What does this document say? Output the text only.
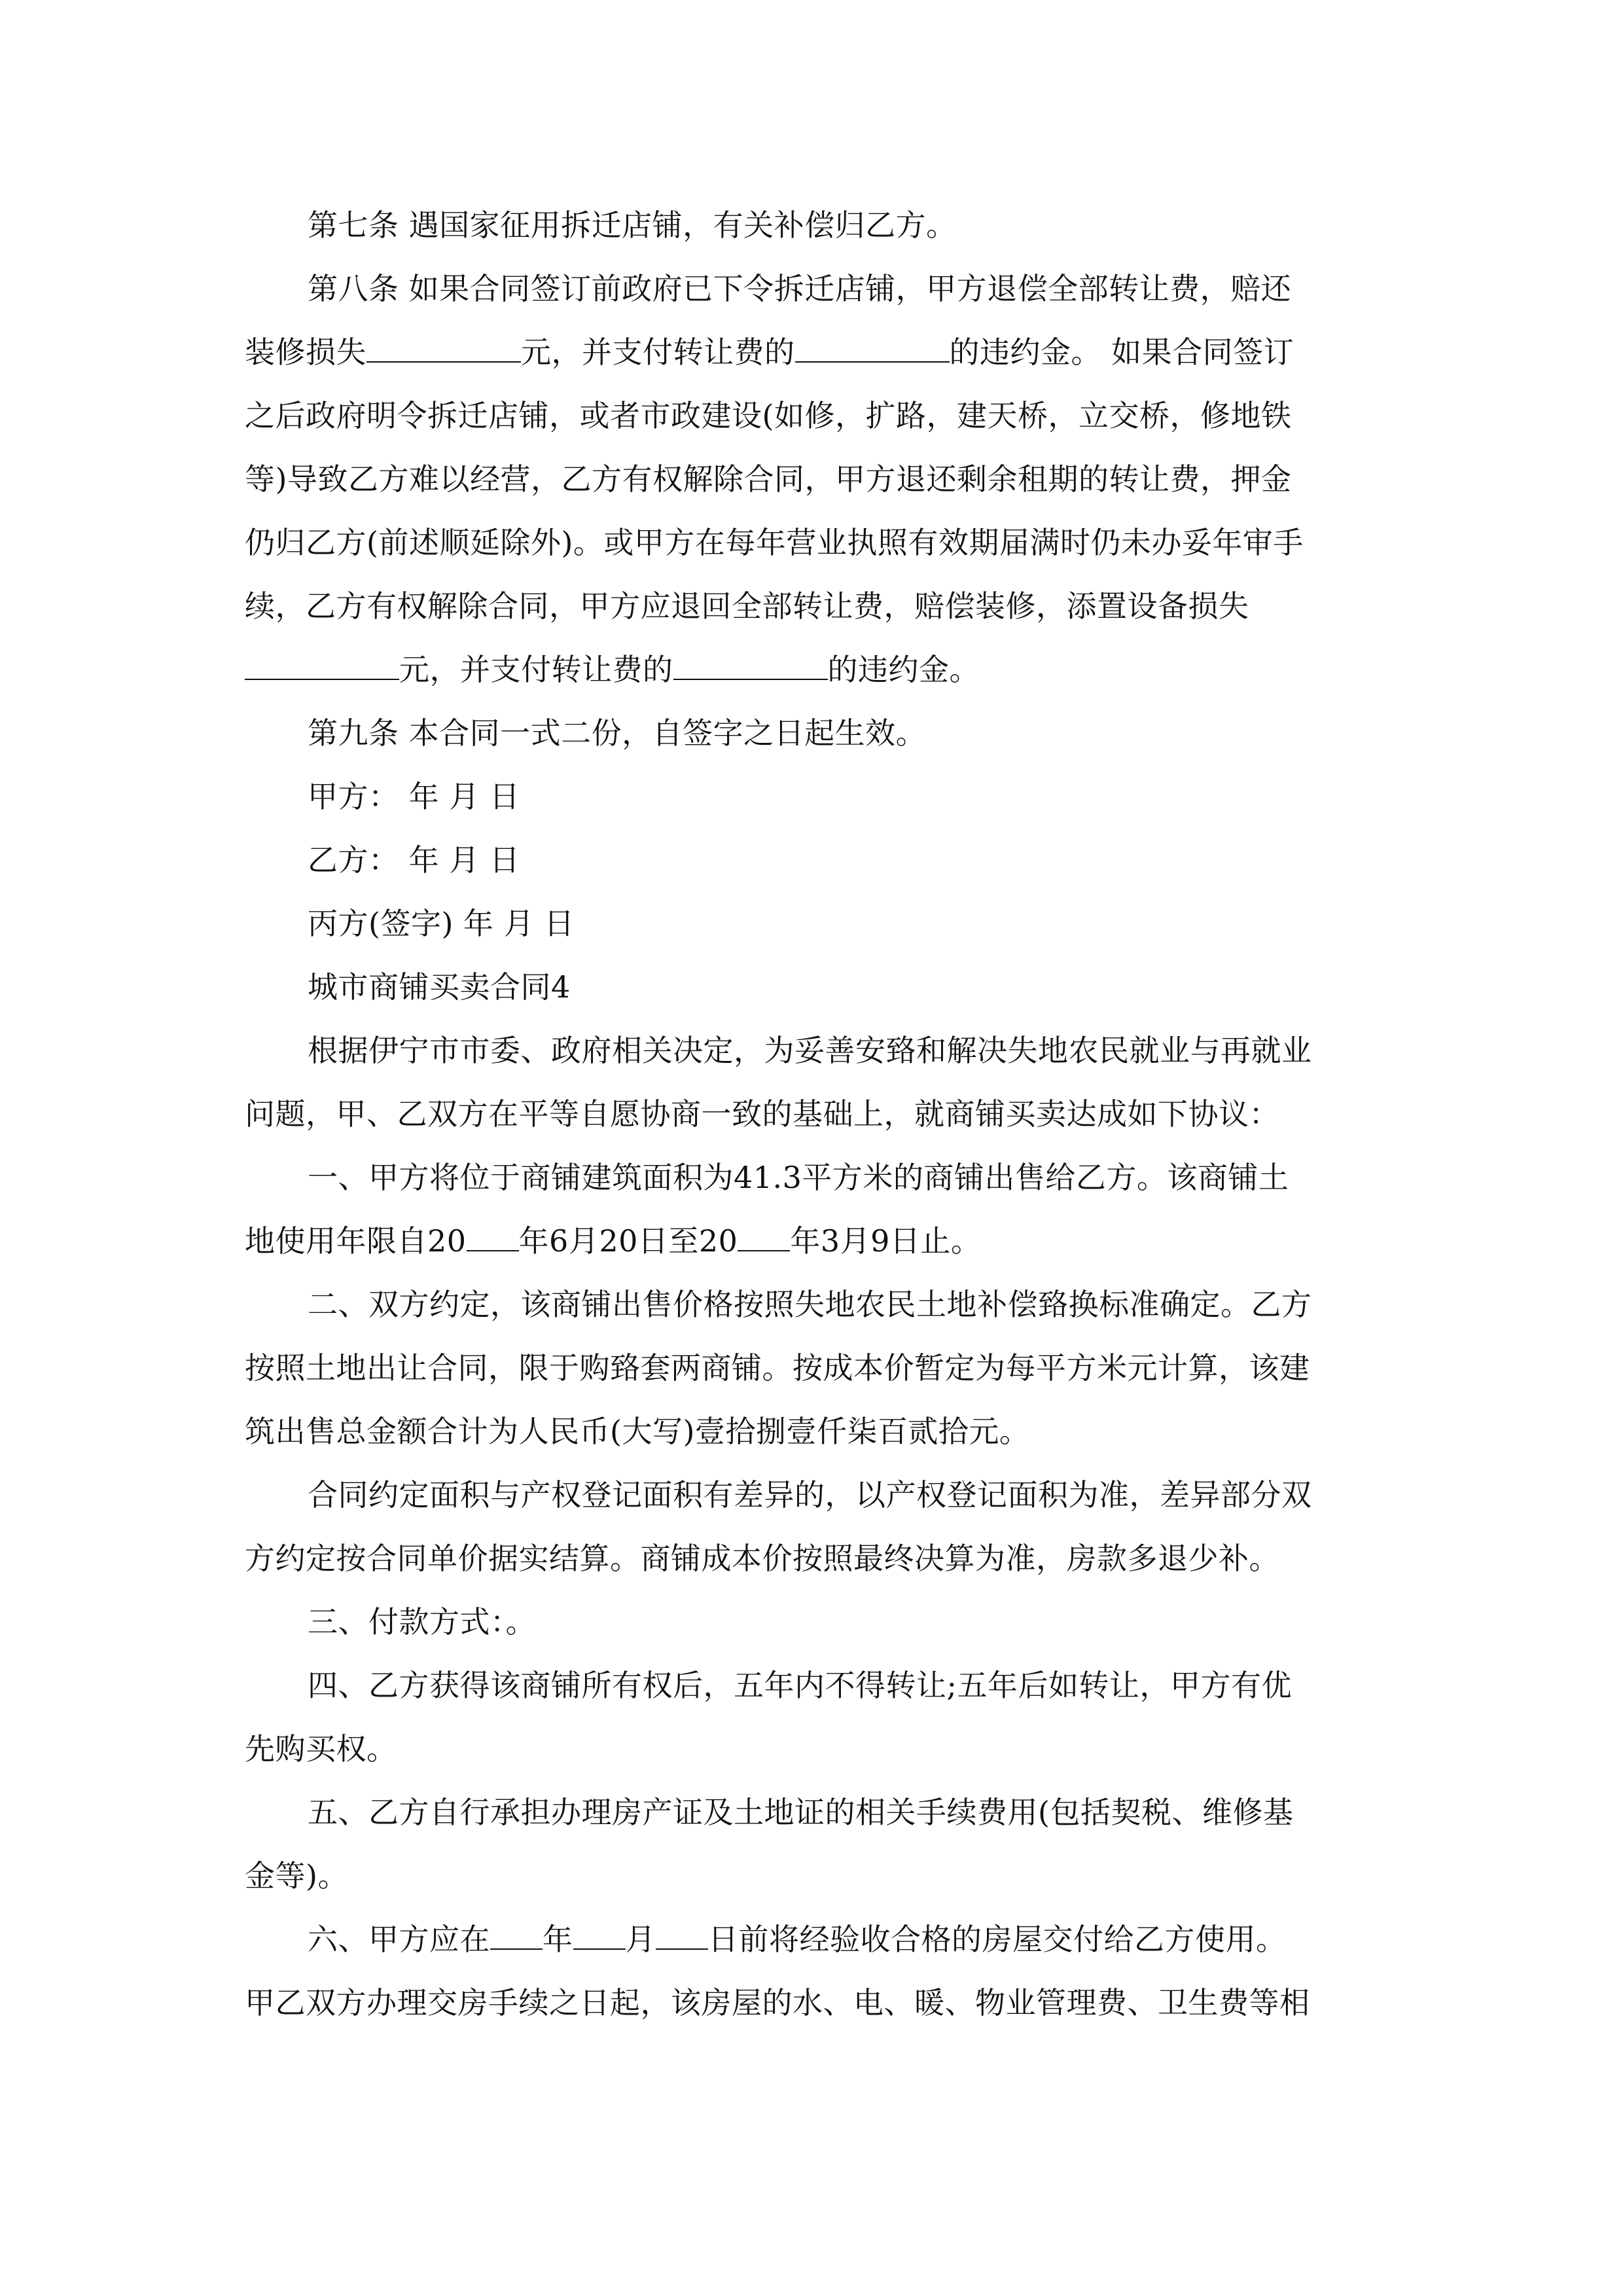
第七条 遇国家征用拆迁店铺，有关补偿归乙方。
第八条 如果合同签订前政府已下令拆迁店铺，甲方退偿全部转让费，赔还
装修损失	元，并支付转让费的	的违约金。 如果合同签订
之后政府明令拆迁店铺，或者市政建设(如修，扩路，建天桥，立交桥，修地铁
等)导致乙方难以经营，乙方有权解除合同，甲方退还剩余租期的转让费，押金
仍归乙方(前述顺延除外)。或甲方在每年营业执照有效期届满时仍未办妥年审手
续，乙方有权解除合同，甲方应退回全部转让费，赔偿装修，添置设备损失
元，并支付转让费的	的违约金。
第九条 本合同一式二份，自签字之日起生效。
甲方： 年 月 日
乙方： 年 月 日
丙方(签字) 年 月 日
城市商铺买卖合同4
根据伊宁市市委、政府相关决定，为妥善安臵和解决失地农民就业与再就业
问题，甲、乙双方在平等自愿协商一致的基础上，就商铺买卖达成如下协议：
一、甲方将位于商铺建筑面积为41.3平方米的商铺出售给乙方。该商铺土
地使用年限自20 年6月20日至20 年3月9日止。
二、双方约定，该商铺出售价格按照失地农民土地补偿臵换标准确定。乙方
按照土地出让合同，限于购臵套两商铺。按成本价暂定为每平方米元计算，该建
筑出售总金额合计为人民币(大写)壹拾捌壹仟柒百贰拾元。
合同约定面积与产权登记面积有差异的，以产权登记面积为准，差异部分双
方约定按合同单价据实结算。商铺成本价按照最终决算为准，房款多退少补。
三、付款方式：。
四、乙方获得该商铺所有权后，五年内不得转让;五年后如转让，甲方有优
先购买权。
五、乙方自行承担办理房产证及土地证的相关手续费用(包括契税、维修基
金等)。
六、甲方应在 年 月 日前将经验收合格的房屋交付给乙方使用。
甲乙双方办理交房手续之日起，该房屋的水、电、暖、物业管理费、卫生费等相
